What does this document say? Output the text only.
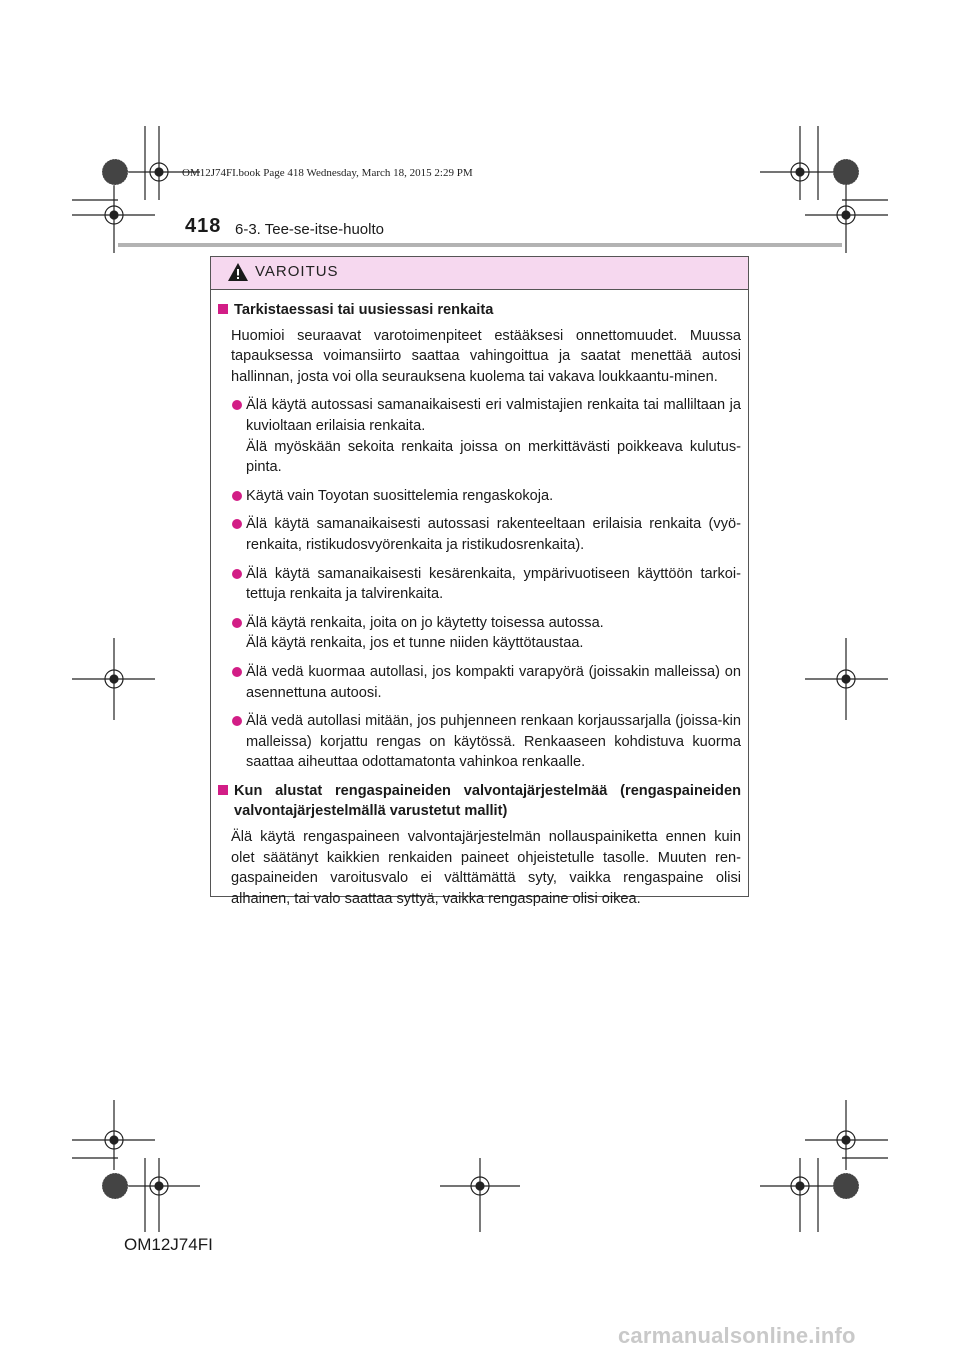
OM12J74FI.book Page 418 Wednesday, March 18, 2015 2:29 PM
418 6-3. Tee-se-itse-huolto
VAROITUS
Tarkistaessasi tai uusiessasi renkaita
Huomioi seuraavat varotoimenpiteet estääksesi onnettomuudet. Muussa tapauksessa voimansiirto saattaa vahingoittua ja saatat menettää autosi hallinnan, josta voi olla seurauksena kuolema tai vakava loukkaantu-minen.
Älä käytä autossasi samanaikaisesti eri valmistajien renkaita tai malliltaan ja kuvioltaan erilaisia renkaita.
Älä myöskään sekoita renkaita joissa on merkittävästi poikkeava kulutus-pinta.
Käytä vain Toyotan suosittelemia rengaskokoja.
Älä käytä samanaikaisesti autossasi rakenteeltaan erilaisia renkaita (vyö-renkaita, ristikudosvyörenkaita ja ristikudosrenkaita).
Älä käytä samanaikaisesti kesärenkaita, ympärivuotiseen käyttöön tarkoi-tettuja renkaita ja talvirenkaita.
Älä käytä renkaita, joita on jo käytetty toisessa autossa.
Älä käytä renkaita, jos et tunne niiden käyttötaustaa.
Älä vedä kuormaa autollasi, jos kompakti varapyörä (joissakin malleissa) on asennettuna autoosi.
Älä vedä autollasi mitään, jos puhjenneen renkaan korjaussarjalla (joissa-kin malleissa) korjattu rengas on käytössä. Renkaaseen kohdistuva kuorma saattaa aiheuttaa odottamatonta vahinkoa renkaalle.
Kun alustat rengaspaineiden valvontajärjestelmää (rengaspaineiden valvontajärjestelmällä varustetut mallit)
Älä käytä rengaspaineen valvontajärjestelmän nollauspainiketta ennen kuin olet säätänyt kaikkien renkaiden paineet ohjeistetulle tasolle. Muuten ren-gaspaineiden varoitusvalo ei välttämättä syty, vaikka rengaspaine olisi alhainen, tai valo saattaa syttyä, vaikka rengaspaine olisi oikea.
OM12J74FI
carmanualsonline.info
